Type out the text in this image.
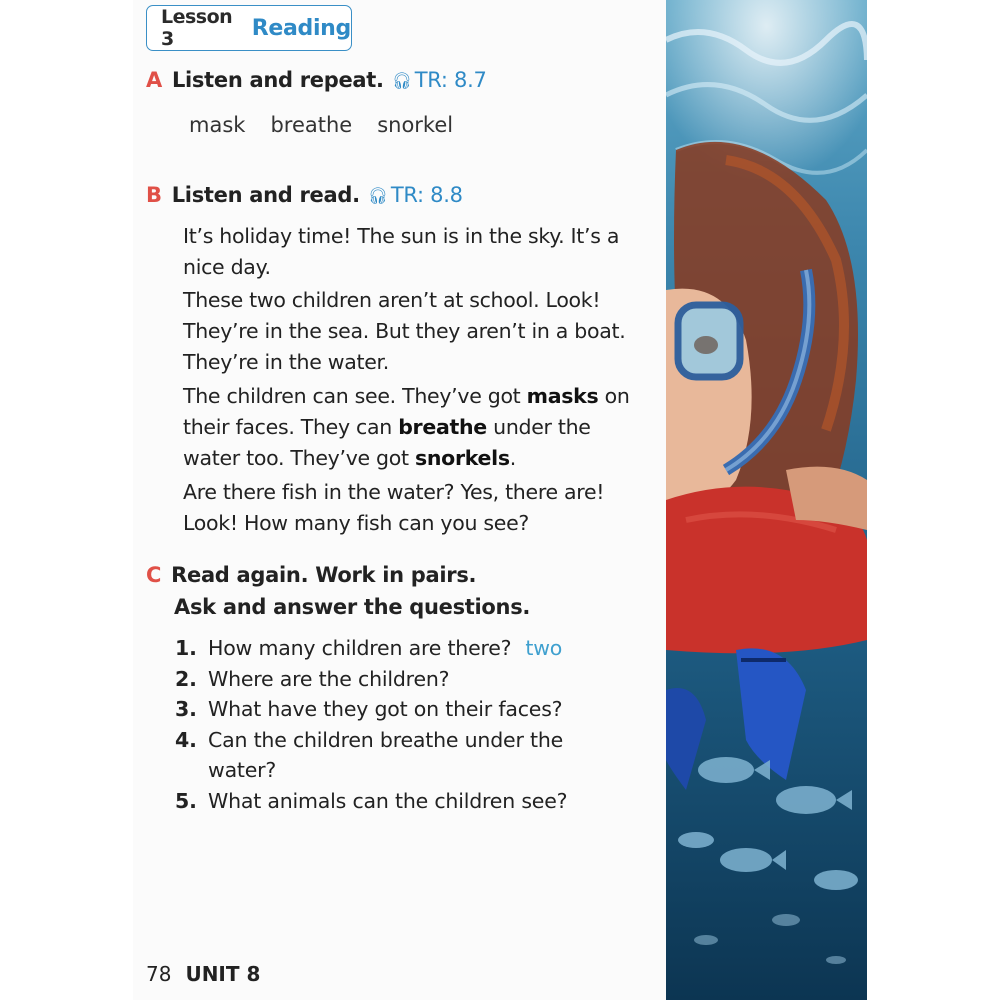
Lesson 3	Reading
A Listen and repeat. 🎧︎ TR: 8.7
mask breathe snorkel
B Listen and read. 🎧︎ TR: 8.8

It’s holiday time! The sun is in the sky. It’s a nice day.

These two children aren’t at school. Look! They’re in the sea. But they aren’t in a boat. They’re in the water.

The children can see. They’ve got masks on their faces. They can breathe under the water too. They’ve got snorkels.

Are there fish in the water? Yes, there are! Look! How many fish can you see?

C Read again. Work in pairs.
Ask and answer the questions.
1. How many children are there? two
2. Where are the children?
3. What have they got on their faces?
4. Can the children breathe under the water?
5. What animals can the children see?
78 UNIT 8
